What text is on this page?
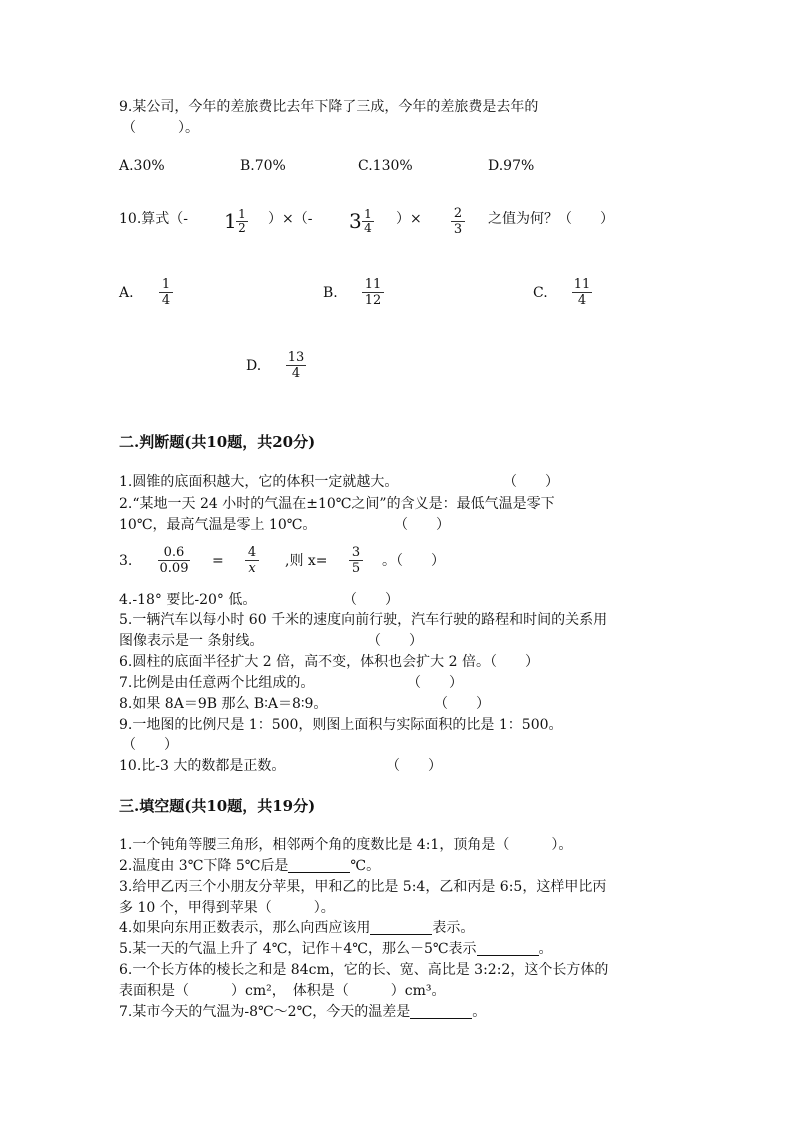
9.某公司，今年的差旅费比去年下降了三成，今年的差旅费是去年的
（　　　）。
A.30%	B.70%	C.130%	D.97%
10.算式（- $1 \frac{1}{2}$ ）×（- $3 \frac{1}{4}$ ）× $\frac{2}{3}$ 之值为何？（　　）
A. $\frac{1}{4}$	B. $\frac{11}{12}$	C. $\frac{11}{4}$
D. $\frac{13}{4}$
二.判断题(共10题，共20分)
1.圆锥的底面积越大，它的体积一定就越大。	（　　）
2.“某地一天 24 小时的气温在±10℃之间”的含义是：最低气温是零下
10℃，最高气温是零上 10℃。	（　　）
3. $\frac{0.6}{0.09} = \frac{4}{x}$ ,则 $x= \frac{3}{5}$ 。（　　）
4.-18° 要比-20° 低。	（　　）
5.一辆汽车以每小时 60 千米的速度向前行驶，汽车行驶的路程和时间的关系用
图像表示是一 条射线。	（　　）
6.圆柱的底面半径扩大 2 倍，高不变，体积也会扩大 2 倍。（　　）
7.比例是由任意两个比组成的。	（　　）
8.如果 8A＝9B 那么 B∶A＝8∶9。	（　　）
9.一地图的比例尺是 1：500，则图上面积与实际面积的比是 1：500。
（　　）
10.比-3 大的数都是正数。	（　　）
三.填空题(共10题，共19分)
1.一个钝角等腰三角形，相邻两个角的度数比是 4:1，顶角是（　　　）。
2.温度由 3℃下降 5℃后是	℃。
3.给甲乙丙三个小朋友分苹果，甲和乙的比是 5:4，乙和丙是 6:5，这样甲比丙
多 10 个，甲得到苹果（　　　）。
4.如果向东用正数表示，那么向西应该用	表示。
5.某一天的气温上升了 4℃，记作＋4℃，那么－5℃表示	。
6.一个长方体的棱长之和是 84cm，它的长、宽、高比是 3:2:2，这个长方体的
表面积是（　　　）cm²，　体积是（　　　）cm³。
7.某市今天的气温为-8℃～2℃，今天的温差是	。
